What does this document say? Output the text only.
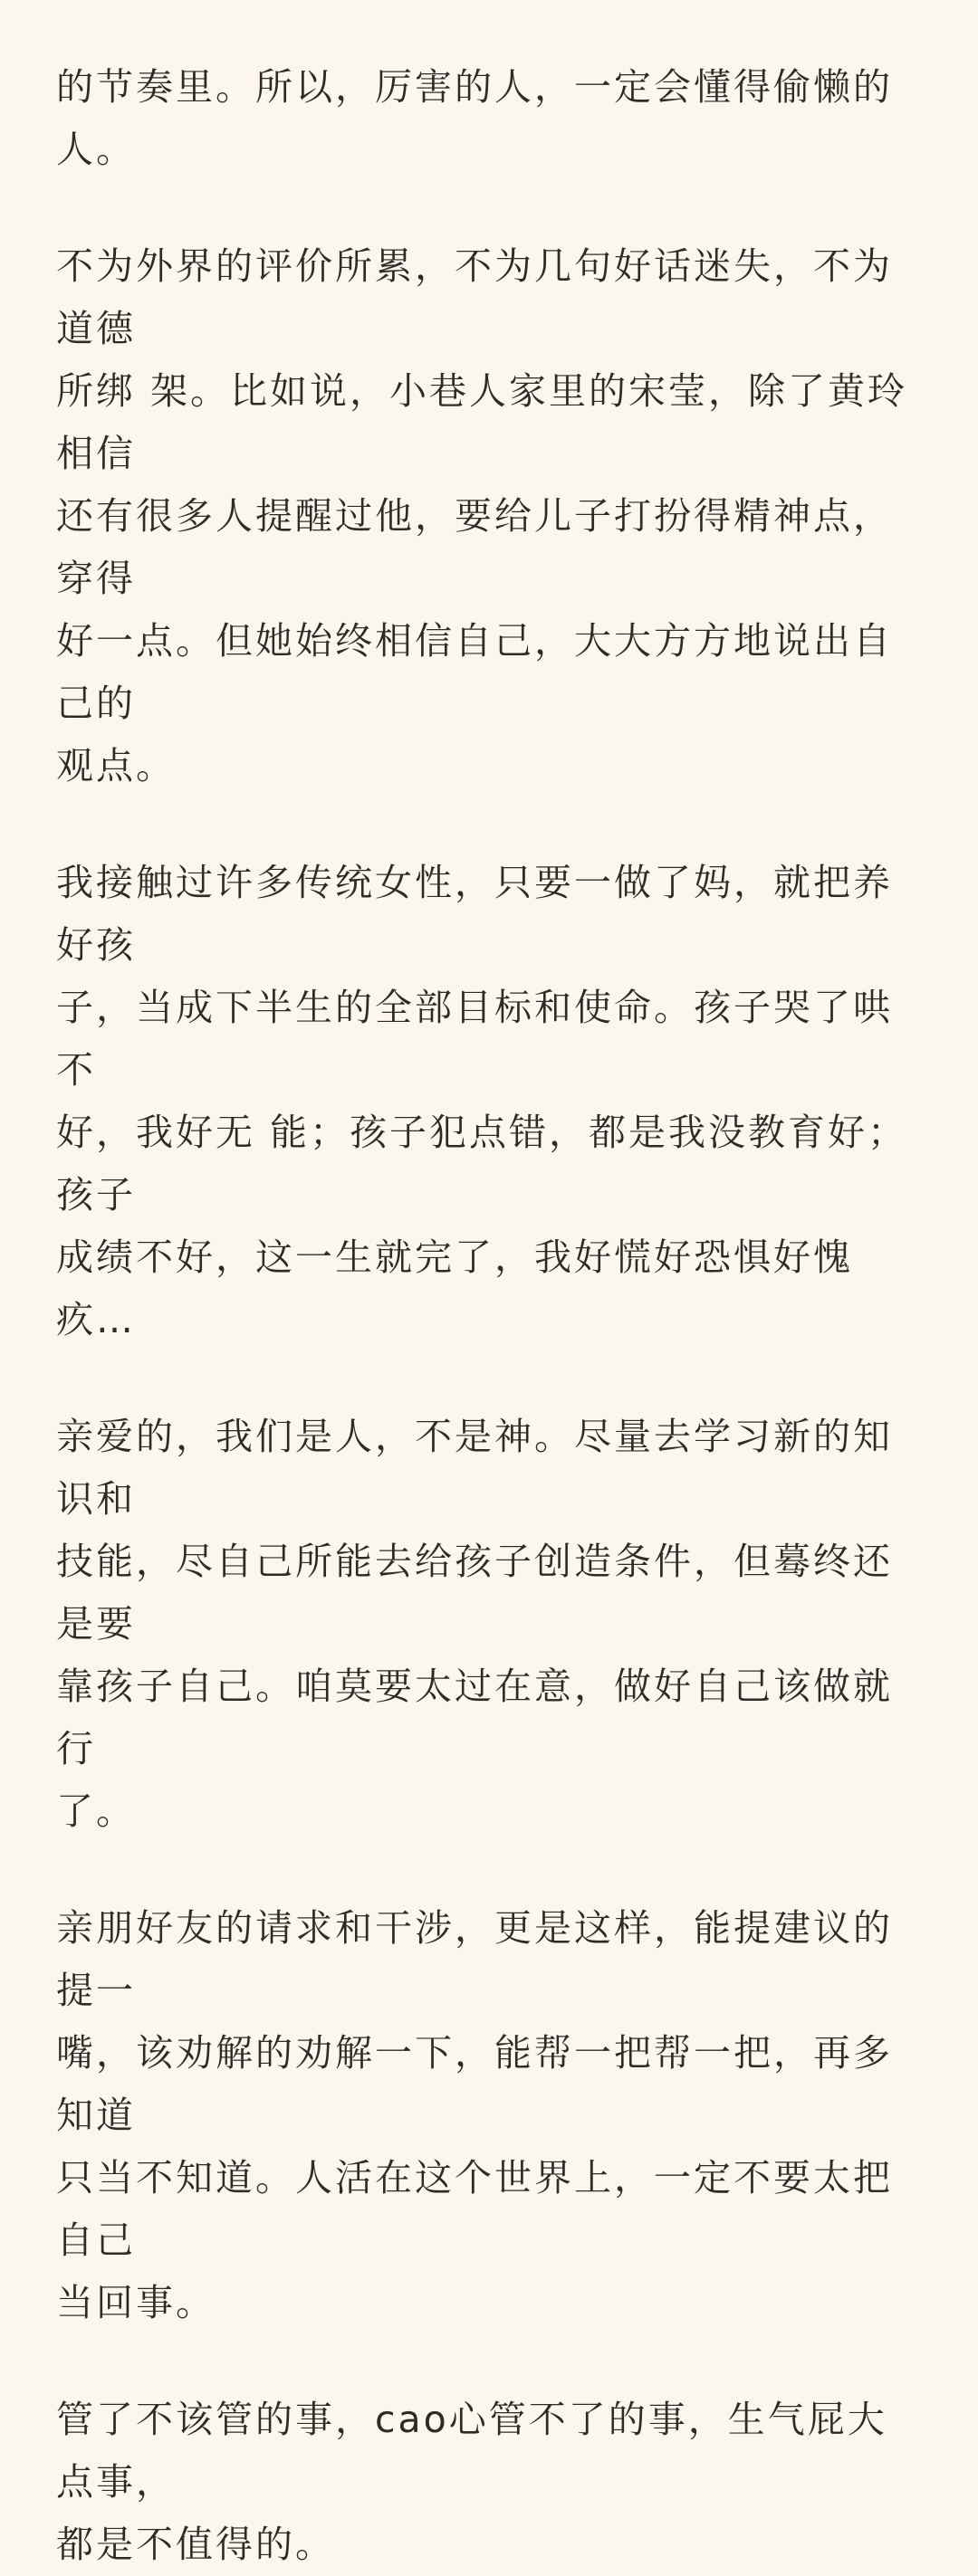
的节奏里。所以，厉害的人，一定会懂得偷懒的人。

不为外界的评价所累，不为几句好话迷失，不为道德
所绑 架。比如说，小巷人家里的宋莹，除了黄玲相信
还有很多人提醒过他，要给儿子打扮得精神点，穿得
好一点。但她始终相信自己，大大方方地说出自己的
观点。

我接触过许多传统女性，只要一做了妈，就把养好孩
子，当成下半生的全部目标和使命。孩子哭了哄不
好，我好无 能；孩子犯点错，都是我没教育好；孩子
成绩不好，这一生就完了，我好慌好恐惧好愧疚…

亲爱的，我们是人，不是神。尽量去学习新的知识和
技能，尽自己所能去给孩子创造条件，但蓦终还是要
靠孩子自己。咱莫要太过在意，做好自己该做就行
了。

亲朋好友的请求和干涉，更是这样，能提建议的提一
嘴，该劝解的劝解一下，能帮一把帮一把，再多知道
只当不知道。人活在这个世界上，一定不要太把自己
当回事。

管了不该管的事，cao心管不了的事，生气屁大点事，
都是不值得的。
